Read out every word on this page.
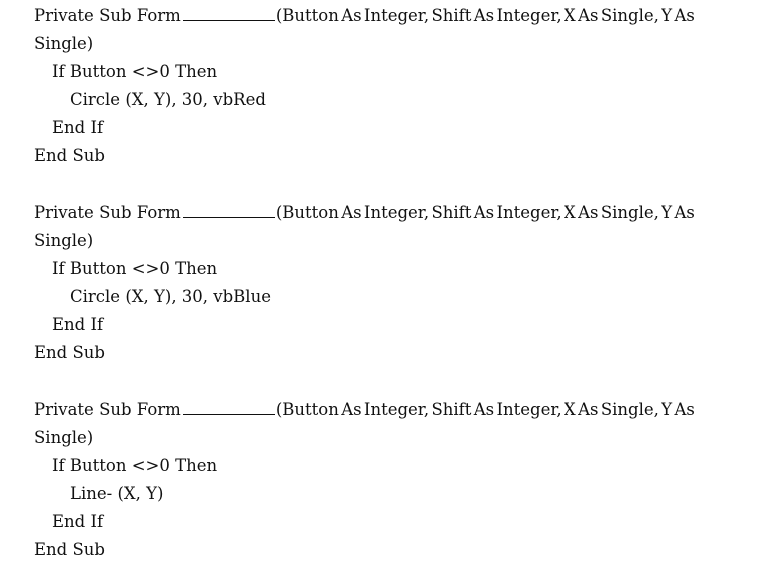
Private Sub Form	(Button As Integer, Shift As Integer, X As Single, Y As
Single)
If Button <>0 Then
Circle (X, Y), 30, vbRed
End If
End Sub
Private Sub Form	(Button As Integer, Shift As Integer, X As Single, Y As
Single)
If Button <>0 Then
Circle (X, Y), 30, vbBlue
End If
End Sub
Private Sub Form	(Button As Integer, Shift As Integer, X As Single, Y As
Single)
If Button <>0 Then
Line- (X, Y)
End If
End Sub
